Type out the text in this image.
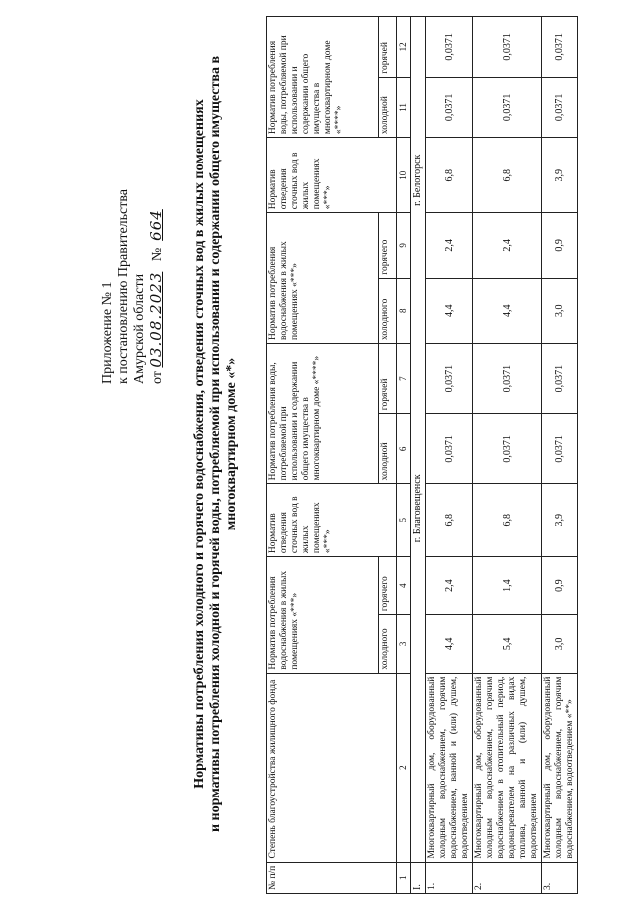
Приложение № 1 к постановлению Правительства Амурской области от 03.08.2023   №  664 Нормативы потребления холодного и горячего водоснабжения, отведения сточных вод в жилых помещениях и нормативы потребления холодной и горячей воды, потребляемой при использовании и содержании общего имущества в многоквартирном доме «*»
№ п/п	Степень благоустройства жилищного фонда	Норматив потребления водоснабжения в жилых помещениях «***»		Норматив отведения сточных вод в жилых помещениях «***»	Норматив потребления воды, потребляемой при использовании и содержании общего имущества в многоквартирном доме «****»		Норматив потребления водоснабжения в жилых помещениях «***»		Норматив отведения сточных вод в жилых помещениях «***»	Норматив потребления воды, потребляемой при использовании и содержании общего имущества в многоквартирном доме «****»	
		холодного	горячего		холодной	горячей	холодного	горячего		холодной	горячей
1	2	3	4	5	6	7	8	9	10	11	12
I.		г. Благовещенск					г. Белогорск				
1.	Многоквартирный дом, оборудованный холодным водоснабжением, горячим водоснабжением, ванной и (или) душем, водоотведением	4,4	2,4	6,8	0,0371	0,0371	4,4	2,4	6,8	0,0371	0,0371
2.	Многоквартирный дом, оборудованный холодным водоснабжением, горячим водоснабжением в отопительный период, водонагревателем на различных видах топлива, ванной и (или) душем, водоотведением	5,4	1,4	6,8	0,0371	0,0371	4,4	2,4	6,8	0,0371	0,0371
3.	Многоквартирный дом, оборудованный холодным водоснабжением, горячим водоснабжением, водоотведением «**»	3,0	0,9	3,9	0,0371	0,0371	3,0	0,9	3,9	0,0371	0,0371
